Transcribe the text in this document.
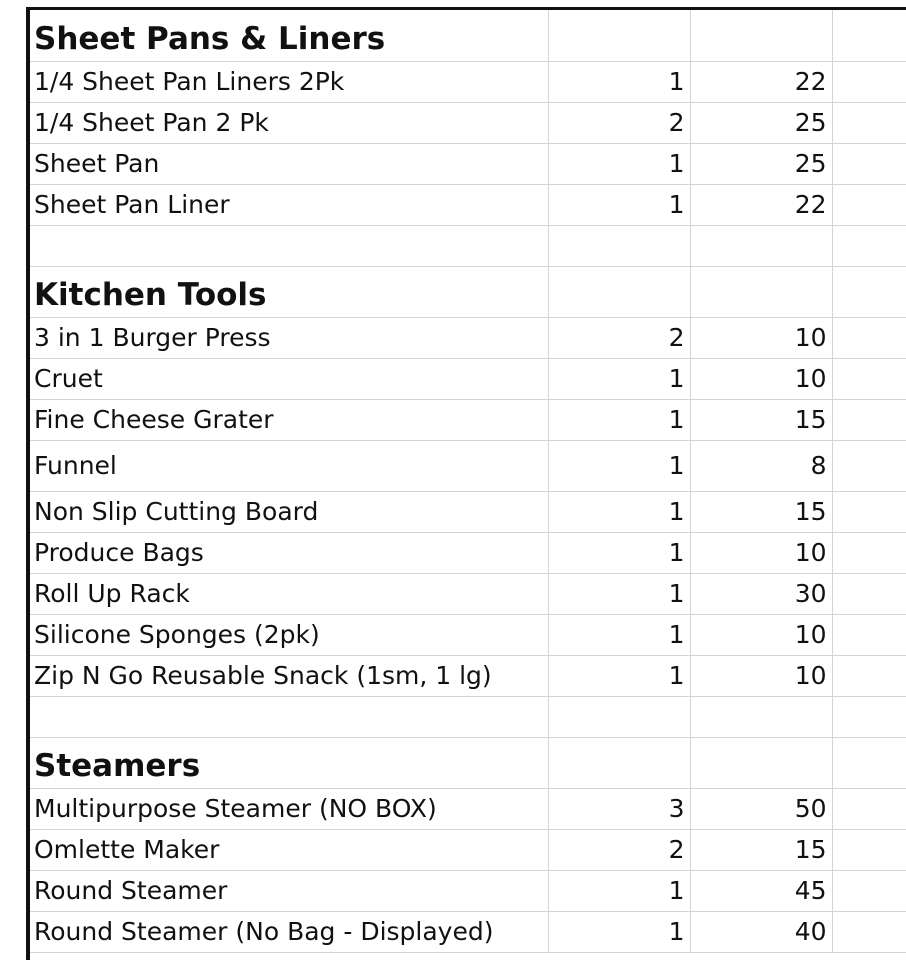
Sheet Pans & Liners			
1/4 Sheet Pan Liners 2Pk	1	22	
1/4 Sheet Pan 2 Pk	2	25	
Sheet Pan	1	25	
Sheet Pan Liner	1	22	

Kitchen Tools			
3 in 1 Burger Press	2	10	
Cruet	1	10	
Fine Cheese Grater	1	15	
Funnel	1	8	
Non Slip Cutting Board	1	15	
Produce Bags	1	10	
Roll Up Rack	1	30	
Silicone Sponges (2pk)	1	10	
Zip N Go Reusable Snack (1sm, 1 lg)	1	10	

Steamers			
Multipurpose Steamer (NO BOX)	3	50	
Omlette Maker	2	15	
Round Steamer	1	45	
Round Steamer (No Bag - Displayed)	1	40	
